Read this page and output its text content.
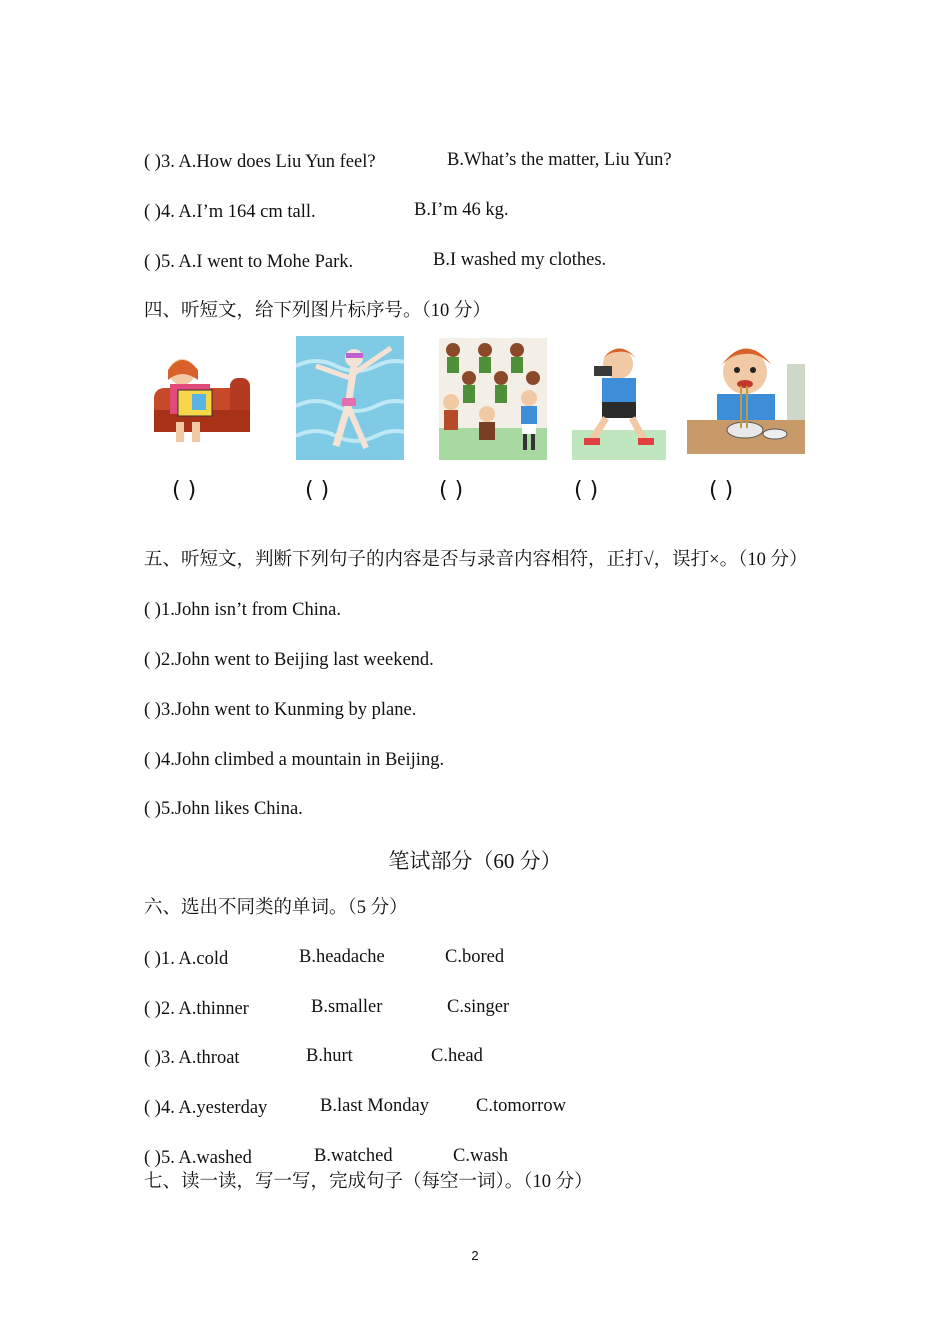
( )3. A.How does Liu Yun feel?	B.What’s the matter, Liu Yun?
( )4. A.I’m 164 cm tall.	B.I’m 46 kg.
( )5. A.I went to Mohe Park.	B.I washed my clothes.
四、听短文，给下列图片标序号。（10 分）
( )	( )	( )	( )	( )
五、听短文，判断下列句子的内容是否与录音内容相符，正打√，误打×。（10 分）
( )1.John isn’t from China.
( )2.John went to Beijing last weekend.
( )3.John went to Kunming by plane.
( )4.John climbed a mountain in Beijing.
( )5.John likes China.
笔试部分（60 分）
六、选出不同类的单词。（5 分）
( )1. A.cold	B.headache	C.bored
( )2. A.thinner	B.smaller	C.singer
( )3. A.throat	B.hurt	C.head
( )4. A.yesterday	B.last Monday	C.tomorrow
( )5. A.washed	B.watched	C.wash
七、读一读，写一写，完成句子（每空一词）。（10 分）
2
